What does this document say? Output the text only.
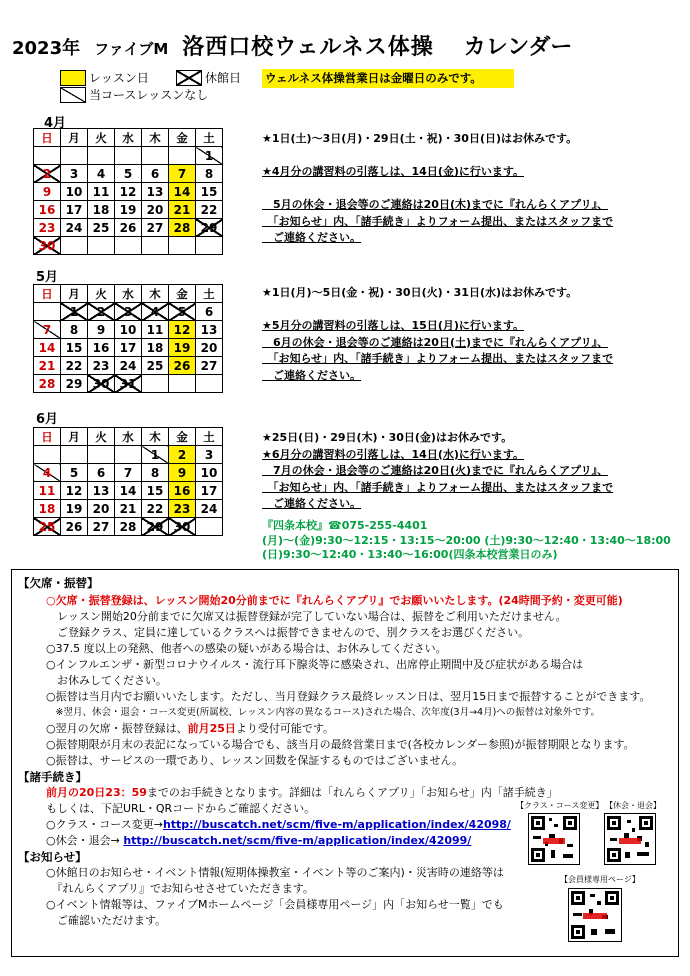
2023年 ファイブM 洛西口校ウェルネス体操 カレンダー
レッスン日	休館日 ウェルネス体操営業日は金曜日のみです。
当コースレッスンなし
4月
日	月	火	水	木	金	土
						1
2	3	4	5	6	7	8
9	10	11	12	13	14	15
16	17	18	19	20	21	22
23	24	25	26	27	28	29
30						
★1日(土)～3日(月)・29日(土・祝)・30日(日)はお休みです。

★4月分の講習料の引落しは、14日(金)に行います。

　5月の休会・退会等のご連絡は20日(木)までに『れんらくアプリ』、
　「お知らせ」内、「諸手続き」よりフォーム提出、またはスタッフまで
　ご連絡ください。
5月
日	月	火	水	木	金	土
	1	2	3	4	5	6
7	8	9	10	11	12	13
14	15	16	17	18	19	20
21	22	23	24	25	26	27
28	29	30	31			
★1日(月)～5日(金・祝)・30日(火)・31日(水)はお休みです。

★5月分の講習料の引落しは、15日(月)に行います。
　6月の休会・退会等のご連絡は20日(土)までに『れんらくアプリ』、
　「お知らせ」内、「諸手続き」よりフォーム提出、またはスタッフまで
　ご連絡ください。
6月
日	月	火	水	木	金	土
				1	2	3
4	5	6	7	8	9	10
11	12	13	14	15	16	17
18	19	20	21	22	23	24
25	26	27	28	29	30	
★25日(日)・29日(木)・30日(金)はお休みです。
★6月分の講習料の引落しは、14日(水)に行います。
　7月の休会・退会等のご連絡は20日(火)までに『れんらくアプリ』、
　「お知らせ」内、「諸手続き」よりフォーム提出、またはスタッフまで
　ご連絡ください。
『四条本校』☎075-255-4401
(月)～(金)9:30～12:15・13:15～20:00 (土)9:30～12:40・13:40～18:00
(日)9:30～12:40・13:40～16:00(四条本校営業日のみ)
【欠席・振替】
○欠席・振替登録は、レッスン開始20分前までに『れんらくアプリ』でお願いいたします。(24時間予約・変更可能)
　レッスン開始20分前までに欠席又は振替登録が完了していない場合は、振替をご利用いただけません。
　ご登録クラス、定員に達しているクラスへは振替できませんので、別クラスをお選びください。
○37.5 度以上の発熱、他者への感染の疑いがある場合は、お休みしてください。
○インフルエンザ・新型コロナウイルス・流行耳下腺炎等に感染され、出席停止期間中及び症状がある場合は
　お休みしてください。
○振替は当月内でお願いいたします。ただし、当月登録クラス最終レッスン日は、翌月15日まで振替することができます。
　※翌月、休会・退会・コース変更(所属校、レッスン内容の異なるコース)された場合、次年度(3月→4月)への振替は対象外です。
○翌月の欠席・振替登録は、前月25日より受付可能です。
○振替期限が月末の表記になっている場合でも、該当月の最終営業日まで(各校カレンダー参照)が振替期限となります。
○振替は、サービスの一環であり、レッスン回数を保証するものではございません。
【諸手続き】
前月の20日23：59までのお手続きとなります。詳細は「れんらくアプリ」「お知らせ」内「諸手続き」
もしくは、下記URL・QRコードからご確認ください。
○クラス・コース変更→http://buscatch.net/scm/five-m/application/index/42098/
○休会・退会→ http://buscatch.net/scm/five-m/application/index/42099/
【お知らせ】
○休館日のお知らせ・イベント情報(短期体操教室・イベント等のご案内)・災害時の連絡等は
　『れんらくアプリ』でお知らせさせていただきます。
○イベント情報等は、ファイブMホームページ「会員様専用ページ」内「お知らせ一覧」でも
　ご確認いただけます。
【クラス・コース変更】 【休会・退会】
【会員様専用ページ】
